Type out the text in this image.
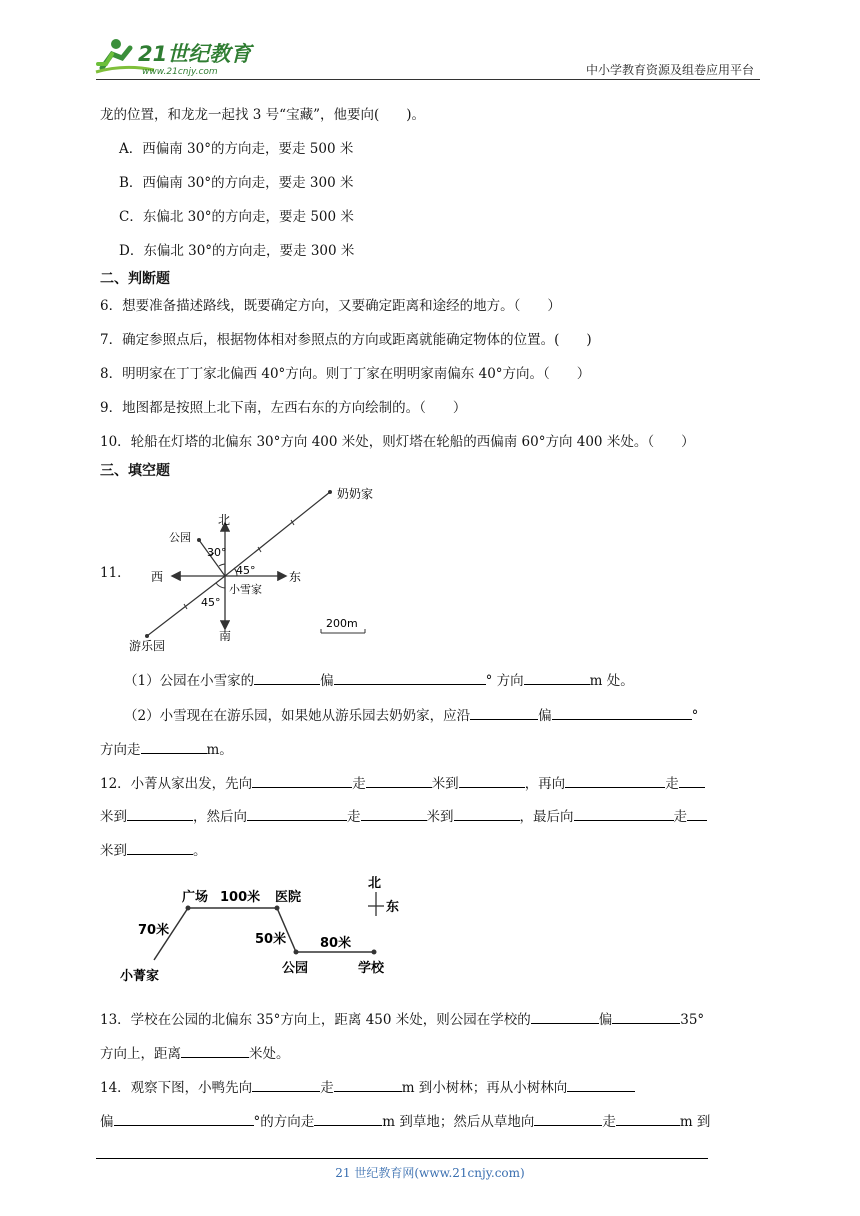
21世纪教育
www.21cnjy.com	中小学教育资源及组卷应用平台
龙的位置，和龙龙一起找 3 号“宝藏”，他要向(　　)。
A．西偏南 30°的方向走，要走 500 米
B．西偏南 30°的方向走，要走 300 米
C．东偏北 30°的方向走，要走 500 米
D．东偏北 30°的方向走，要走 300 米
二、判断题
6．想要准备描述路线，既要确定方向，又要确定距离和途经的地方。（　　）
7．确定参照点后，根据物体相对参照点的方向或距离就能确定物体的位置。(　　)
8．明明家在丁丁家北偏西 40°方向。则丁丁家在明明家南偏东 40°方向。（　　）
9．地图都是按照上北下南，左西右东的方向绘制的。（　　）
10．轮船在灯塔的北偏东 30°方向 400 米处，则灯塔在轮船的西偏南 60°方向 400 米处。（　　）
三、填空题
11．
北
南
东
西
公园
奶奶家
游乐园
小雪家
30°
45°
45°
200m
（1）公园在小雪家的	偏	° 方向	m 处。
（2）小雪现在在游乐园，如果她从游乐园去奶奶家，应沿	偏	°
方向走	m。
12．小菁从家出发，先向	走	米到	，再向	走
米到	，然后向	走	米到	，最后向	走
米到	。
广场 100米 医院
70米
50米	80米
小菁家
公园	学校
北
东
13．学校在公园的北偏东 35°方向上，距离 450 米处，则公园在学校的	偏	35°
方向上，距离	米处。
14．观察下图，小鸭先向	走	m 到小树林；再从小树林向
偏	°的方向走	m 到草地；然后从草地向	走	m 到
21 世纪教育网(www.21cnjy.com)
